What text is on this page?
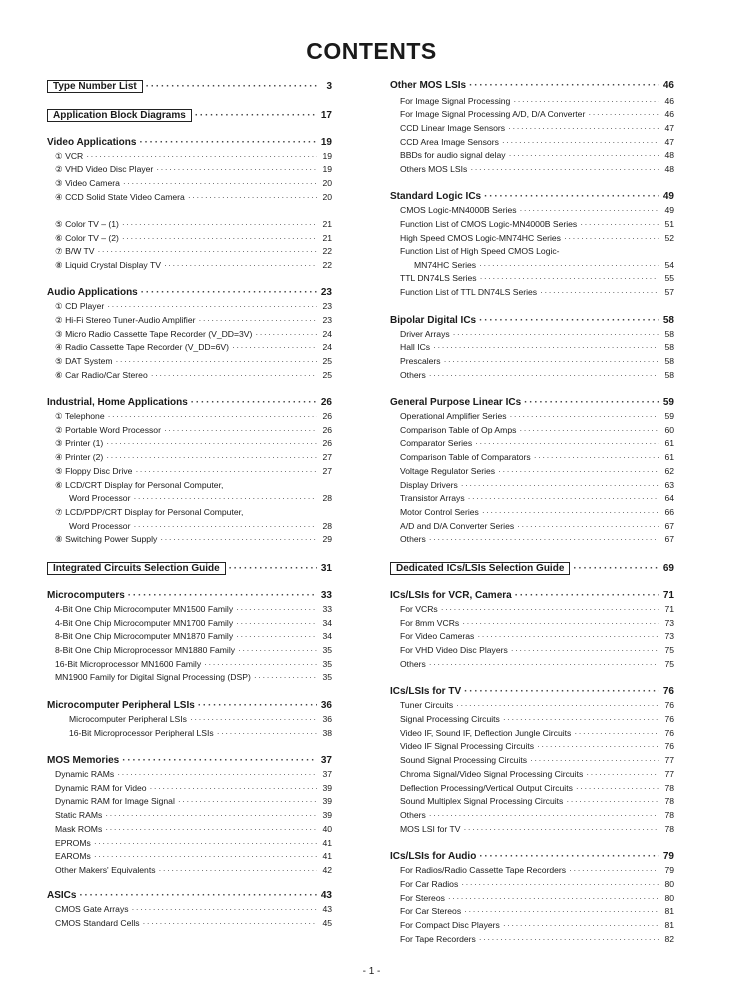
CONTENTS
Type Number List · · ·	3
Application Block Diagrams · · ·	17
Video Applications · · ·	19
① VCR · · ·	19
② VHD Video Disc Player · · ·	19
③ Video Camera · · ·	20
④ CCD Solid State Video Camera · · ·	20
⑤ Color TV – (1) · · ·	21
⑥ Color TV – (2) · · ·	21
⑦ B/W TV · · ·	22
⑧ Liquid Crystal Display TV · · ·	22
Audio Applications · · ·	23
① CD Player · · ·	23
② Hi-Fi Stereo Tuner-Audio Amplifier · · ·	23
③ Micro Radio Cassette Tape Recorder (V_DD=3V) · · ·	24
④ Radio Cassette Tape Recorder (V_DD=6V) · · ·	24
⑤ DAT System · · ·	25
⑥ Car Radio/Car Stereo · · ·	25
Industrial, Home Applications · · ·	26
① Telephone · · ·	26
② Portable Word Processor · · ·	26
③ Printer (1) · · ·	26
④ Printer (2) · · ·	27
⑤ Floppy Disc Drive · · ·	27
⑥ LCD/CRT Display for Personal Computer,
Word Processor · · ·	28
⑦ LCD/PDP/CRT Display for Personal Computer,
Word Processor · · ·	28
⑧ Switching Power Supply · · ·	29
Integrated Circuits Selection Guide · · ·	31
Microcomputers · · ·	33
4-Bit One Chip Microcomputer MN1500 Family · · ·	33
4-Bit One Chip Microcomputer MN1700 Family · · ·	34
8-Bit One Chip Microcomputer MN1870 Family · · ·	34
8-Bit One Chip Microprocessor MN1880 Family · · ·	35
16-Bit Microprocessor MN1600 Family · · ·	35
MN1900 Family for Digital Signal Processing (DSP) · · ·	35
Microcomputer Peripheral LSIs · · ·	36
Microcomputer Peripheral LSIs · · ·	36
16-Bit Microprocessor Peripheral LSIs · · ·	38
MOS Memories · · ·	37
Dynamic RAMs · · ·	37
Dynamic RAM for Video · · ·	39
Dynamic RAM for Image Signal · · ·	39
Static RAMs · · ·	39
Mask ROMs · · ·	40
EPROMs · · ·	41
EAROMs · · ·	41
Other Makers' Equivalents · · ·	42
ASICs · · ·	43
CMOS Gate Arrays · · ·	43
CMOS Standard Cells · · ·	45
Other MOS LSIs · · ·	46
For Image Signal Processing · · ·	46
For Image Signal Processing A/D, D/A Converter · · ·	46
CCD Linear Image Sensors · · ·	47
CCD Area Image Sensors · · ·	47
BBDs for audio signal delay · · ·	48
Others MOS LSIs · · ·	48
Standard Logic ICs · · ·	49
CMOS Logic-MN4000B Series · · ·	49
Function List of CMOS Logic-MN4000B Series · · ·	51
High Speed CMOS Logic-MN74HC Series · · ·	52
Function List of High Speed CMOS Logic-
MN74HC Series · · ·	54
TTL DN74LS Series · · ·	55
Function List of TTL DN74LS Series · · ·	57
Bipolar Digital ICs · · ·	58
Driver Arrays · · ·	58
Hall ICs · · ·	58
Prescalers · · ·	58
Others · · ·	58
General Purpose Linear ICs · · ·	59
Operational Amplifier Series · · ·	59
Comparison Table of Op Amps · · ·	60
Comparator Series · · ·	61
Comparison Table of Comparators · · ·	61
Voltage Regulator Series · · ·	62
Display Drivers · · ·	63
Transistor Arrays · · ·	64
Motor Control Series · · ·	66
A/D and D/A Converter Series · · ·	67
Others · · ·	67
Dedicated ICs/LSIs Selection Guide · · ·	69
ICs/LSIs for VCR, Camera · · ·	71
For VCRs · · ·	71
For 8mm VCRs · · ·	73
For Video Cameras · · ·	73
For VHD Video Disc Players · · ·	75
Others · · ·	75
ICs/LSIs for TV · · ·	76
Tuner Circuits · · ·	76
Signal Processing Circuits · · ·	76
Video IF, Sound IF, Deflection Jungle Circuits · · ·	76
Video IF Signal Processing Circuits · · ·	76
Sound Signal Processing Circuits · · ·	77
Chroma Signal/Video Signal Processing Circuits · · ·	77
Deflection Processing/Vertical Output Circuits · · ·	78
Sound Multiplex Signal Processing Circuits · · ·	78
Others · · ·	78
MOS LSI for TV · · ·	78
ICs/LSIs for Audio · · ·	79
For Radios/Radio Cassette Tape Recorders · · ·	79
For Car Radios · · ·	80
For Stereos · · ·	80
For Car Stereos · · ·	81
For Compact Disc Players · · ·	81
For Tape Recorders · · ·	82
- 1 -
